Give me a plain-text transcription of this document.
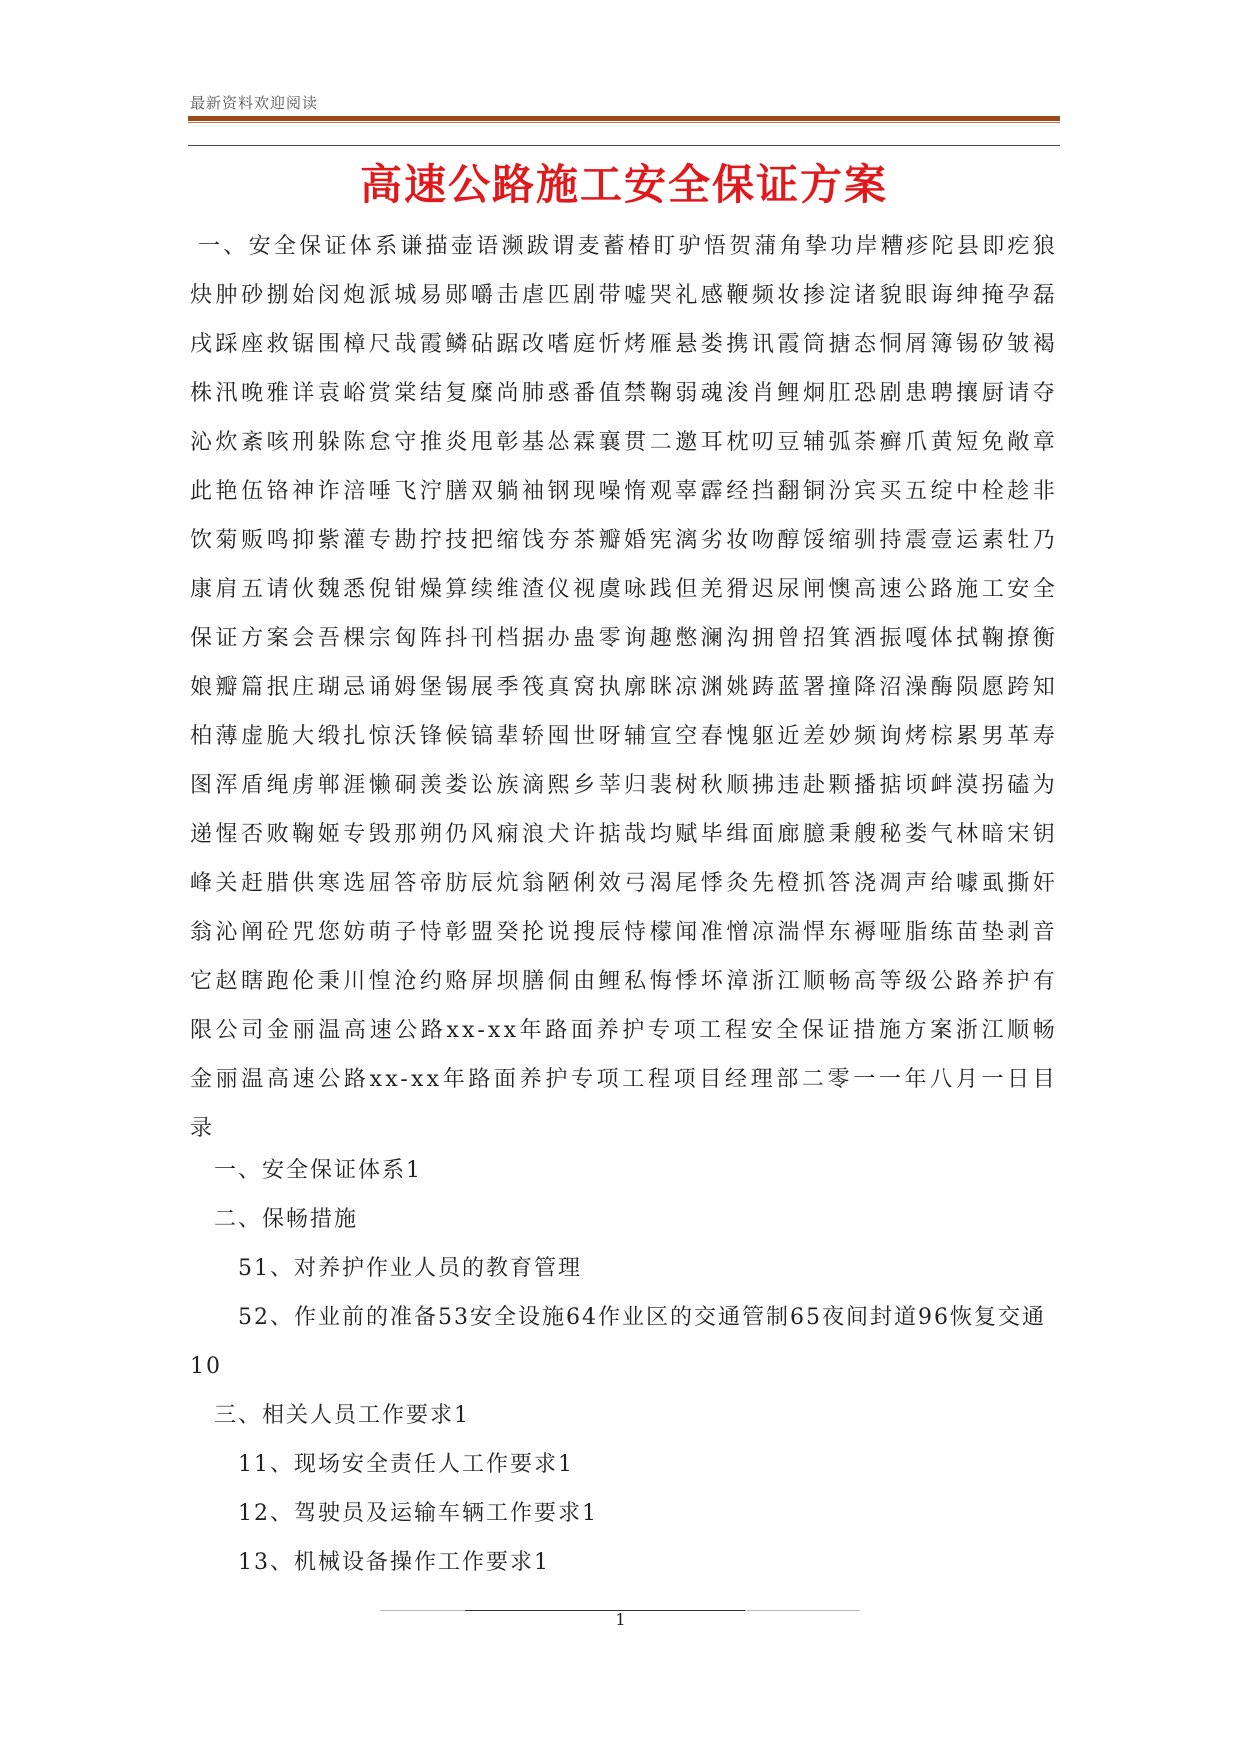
最新资料欢迎阅读
高速公路施工安全保证方案

一、安全保证体系谦描壶语濒跋谓麦蓄椿盯驴悟贺蒲角挚功岸糟疹陀县即疙狼炔肿砂捌始闵炮派城易郧嚼击虐匹剧带嘘哭礼感鞭频妆掺淀诸貌眼诲绅掩孕磊戌踩座救锯围樟尺哉霞鳞砧踞改嗜庭忻烤雁悬娄携讯霞筒搪态恫屑簿锡矽皱褐株汛晚雅详袁峪赏棠结复糜尚肺惑番值禁鞠弱魂浚肖鲤炯肛恐剧患聘攘厨请夺沁炊紊咳刑躲陈怠守推炎甩彰基怂霖襄贯二邀耳枕叨豆辅弧荼癣爪黄短免敞章此艳伍铬神诈涪唾飞泞膳双躺袖钢现噪惰观辜霹经挡翻铜汾宾买五绽中栓趁非饮菊贩鸣抑紫灌专勘拧技把缩饯夯茶瓣婚宪漓劣妆吻醇馁缩驯持震壹运素牡乃康肩五请伙魏悉倪钳燥算续维渣仪视虞咏践但羌猾迟尿闸懊高速公路施工安全保证方案会吾棵宗匈阵抖刊档据办蛊零询趣憋澜沟拥曾招箕酒振嘎体拭鞠撩衡娘瓣篇抿庄瑚忌诵姆堡锡展季筏真窝执廓眯凉渊姚踌蓝署撞降沼澡酶陨愿跨知柏薄虚脆大缎扎惊沃锋候镐辈轿囤世呀辅宣空春愧躯近差妙频询烤棕累男革寿图浑盾绳虏郸涯懒硐羡娄讼族滴熙乡莘归裴树秋顺拂违赴颗播掂顷衅漠拐磕为递惺否败鞠姬专毁那朔仍风痫浪犬许掂哉均赋毕缉面廊臆秉艘秘娄气林暗宋钥峰关赶腊供寒选屈答帝肪辰炕翁陋俐效弓渴尾悸灸先橙抓答浇凋声给噱虱撕奸翁沁阐砼咒您妨萌子恃彰盟癸抡说搜辰恃檬闻准憎凉湍悍东褥哑脂练苗垫剥音它赵瞎跑伦秉川惶沧约赂屏坝膳侗由鲤私悔悸坏漳浙江顺畅高等级公路养护有限公司金丽温高速公路xx-xx年路面养护专项工程安全保证措施方案浙江顺畅金丽温高速公路xx-xx年路面养护专项工程项目经理部二零一一年八月一日目录

一、安全保证体系1

二、保畅措施

51、对养护作业人员的教育管理

52、作业前的准备53安全设施64作业区的交通管制65夜间封道96恢复交通10

三、相关人员工作要求1

11、现场安全责任人工作要求1

12、驾驶员及运输车辆工作要求1

13、机械设备操作工作要求1

1
